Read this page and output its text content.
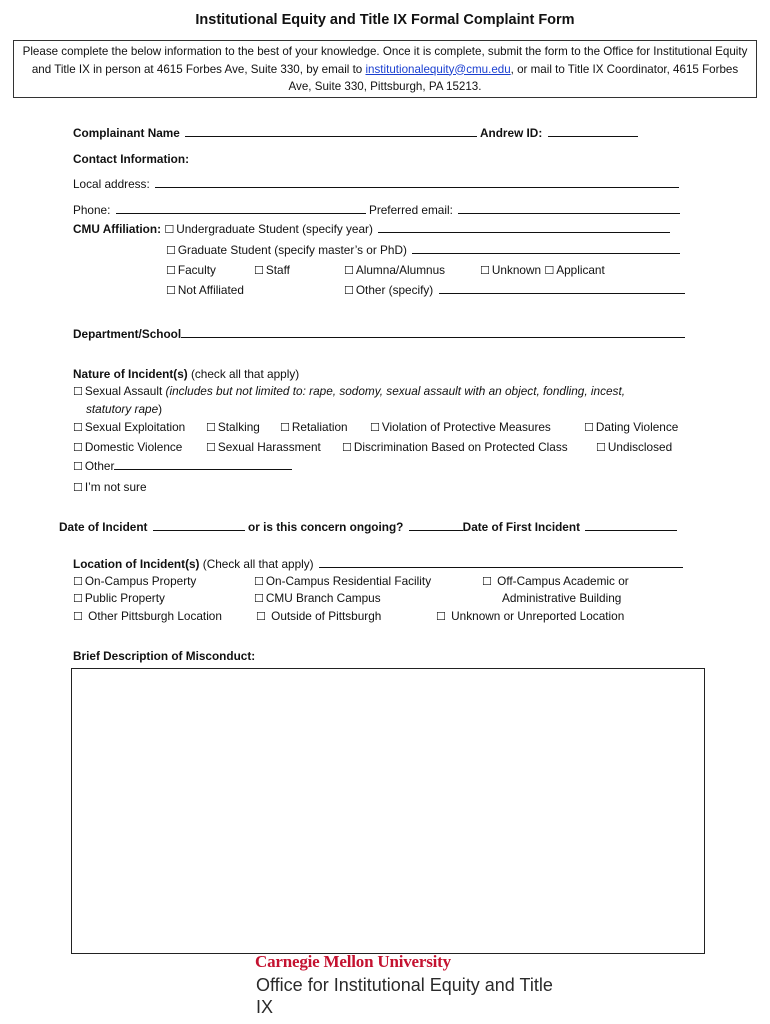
Institutional Equity and Title IX Formal Complaint Form
Please complete the below information to the best of your knowledge. Once it is complete, submit the form to the Office for Institutional Equity and Title IX in person at 4615 Forbes Ave, Suite 330, by email to institutionalequity@cmu.edu, or mail to Title IX Coordinator, 4615 Forbes Ave, Suite 330, Pittsburgh, PA 15213.
Complainant Name	Andrew ID:
Contact Information:
Local address:
Phone:	Preferred email:
CMU Affiliation: ☐ Undergraduate Student (specify year)
☐ Graduate Student (specify master’s or PhD)
☐ Faculty	☐ Staff	☐ Alumna/Alumnus	☐ Unknown ☐ Applicant
☐ Not Affiliated	☐ Other (specify)
Department/School
Nature of Incident(s) (check all that apply)
☐ Sexual Assault (includes but not limited to: rape, sodomy, sexual assault with an object, fondling, incest,
statutory rape)
☐ Sexual Exploitation ☐ Stalking ☐ Retaliation ☐ Violation of Protective Measures	☐ Dating Violence
☐ Domestic Violence ☐ Sexual Harassment ☐ Discrimination Based on Protected Class	☐ Undisclosed
☐ Other
☐ I’m not sure
Date of Incident	or is this concern ongoing?	Date of First Incident
Location of Incident(s) (Check all that apply)
☐ On-Campus Property	☐ On-Campus Residential Facility	☐ Off-Campus Academic or
Administrative Building
☐ Public Property	☐ CMU Branch Campus
☐ Other Pittsburgh Location	☐ Outside of Pittsburgh	☐ Unknown or Unreported Location
Brief Description of Misconduct:
Carnegie Mellon University
Office for Institutional Equity and Title IX
